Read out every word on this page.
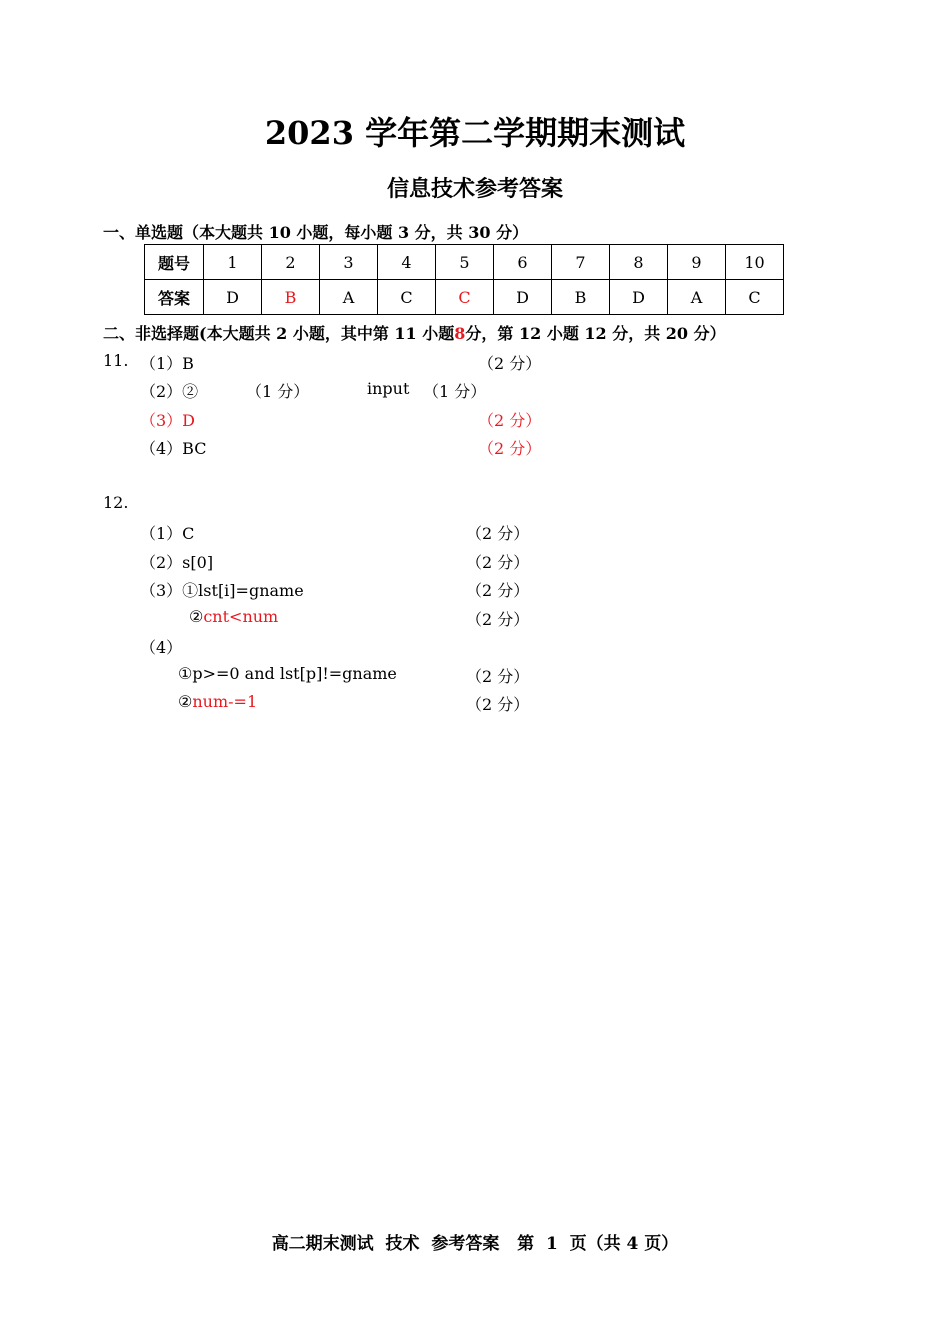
2023 学年第二学期期末测试
信息技术参考答案
一、单选题（本大题共 10 小题，每小题 3 分，共 30 分）
题号	1	2	3	4	5	6	7	8	9	10
答案	D	B	A	C	C	D	B	D	A	C
二、非选择题(本大题共 2 小题，其中第 11 小题8分，第 12 小题 12 分，共 20 分）
11. （1）B	（2 分）
（2）②	（1 分）	input （1 分）
（3）D	（2 分）
（4）BC	（2 分）
12.
（1）C	（2 分）
（2）s[0]	（2 分）
（3）①lst[i]=gname	（2 分）
②cnt<num	（2 分）
（4）
①p>=0 and lst[p]!=gname	（2 分）
②num-=1	（2 分）
高二期末测试  技术  参考答案   第  1  页（共 4 页）
